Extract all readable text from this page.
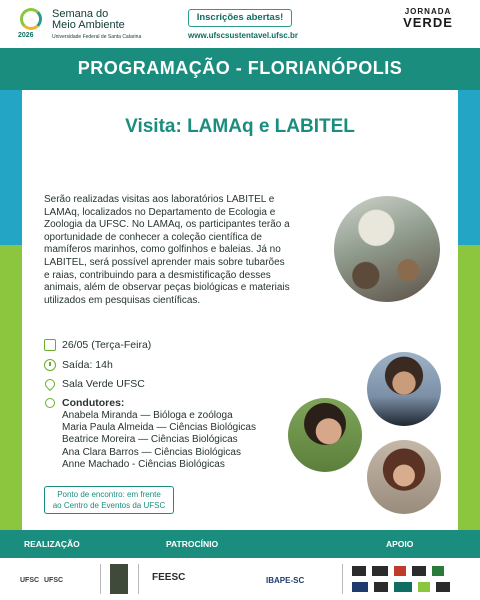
2026
Semana do
Meio Ambiente
Universidade Federal de Santa Catarina
Inscrições abertas!
www.ufscsustentavel.ufsc.br
JORNADA
VERDE
PROGRAMAÇÃO - FLORIANÓPOLIS
Visita: LAMAq e LABITEL

Serão realizadas visitas aos laboratórios LABITEL e LAMAq, localizados no Departamento de Ecologia e Zoologia da UFSC. No LAMAq, os participantes terão a oportunidade de conhecer a coleção científica de mamíferos marinhos, como golfinhos e baleias. Já no LABITEL, será possível aprender mais sobre tubarões e raias, contribuindo para a desmistificação desses animais, além de observar peças biológicas e materiais utilizados em pesquisas científicas.

26/05 (Terça-Feira)
Saída: 14h
Sala Verde UFSC
Condutores:
Anabela Miranda — Bióloga e zoóloga
Maria Paula Almeida — Ciências Biológicas
Beatrice Moreira — Ciências Biológicas
Ana Clara Barros — Ciências Biológicas
Anne Machado - Ciências Biológicas
Ponto de encontro: em frente
ao Centro de Eventos da UFSC
REALIZAÇÃO	PATROCÍNIO	APOIO
UFSC UFSC	FEESC	IBAPE-SC
